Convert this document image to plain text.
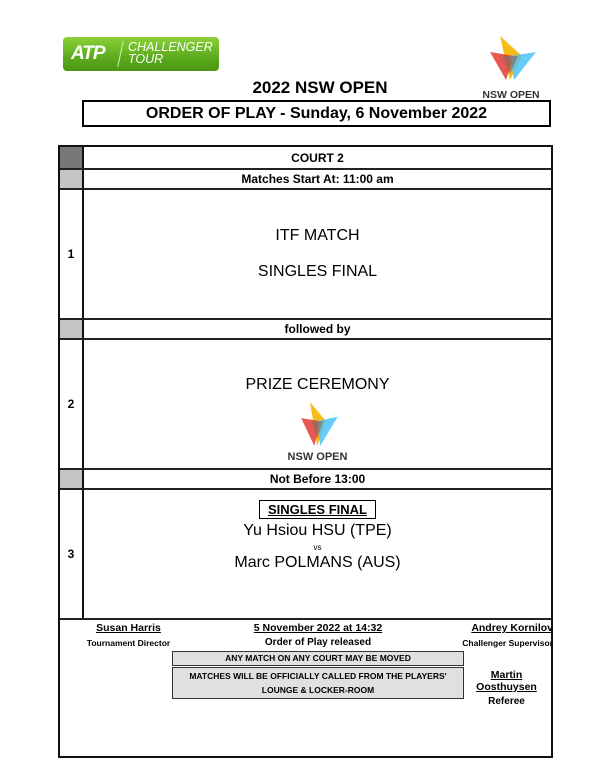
ATP CHALLENGER
TOUR
NSW OPEN
2022 NSW OPEN
ORDER OF PLAY - Sunday, 6 November 2022
COURT 2
Matches Start At: 11:00 am
1
ITF MATCH
SINGLES FINAL
followed by
2
PRIZE CEREMONY
NSW OPEN
Not Before 13:00
3
SINGLES FINAL
Yu Hsiou HSU (TPE)
vs
Marc POLMANS (AUS)
Susan Harris
Tournament Director
5 November 2022 at 14:32
Order of Play released
ANY MATCH ON ANY COURT MAY BE MOVED
MATCHES WILL BE OFFICIALLY CALLED FROM THE PLAYERS'
LOUNGE & LOCKER-ROOM
Andrey Kornilov
Challenger Supervisor
Martin Oosthuysen
Referee
